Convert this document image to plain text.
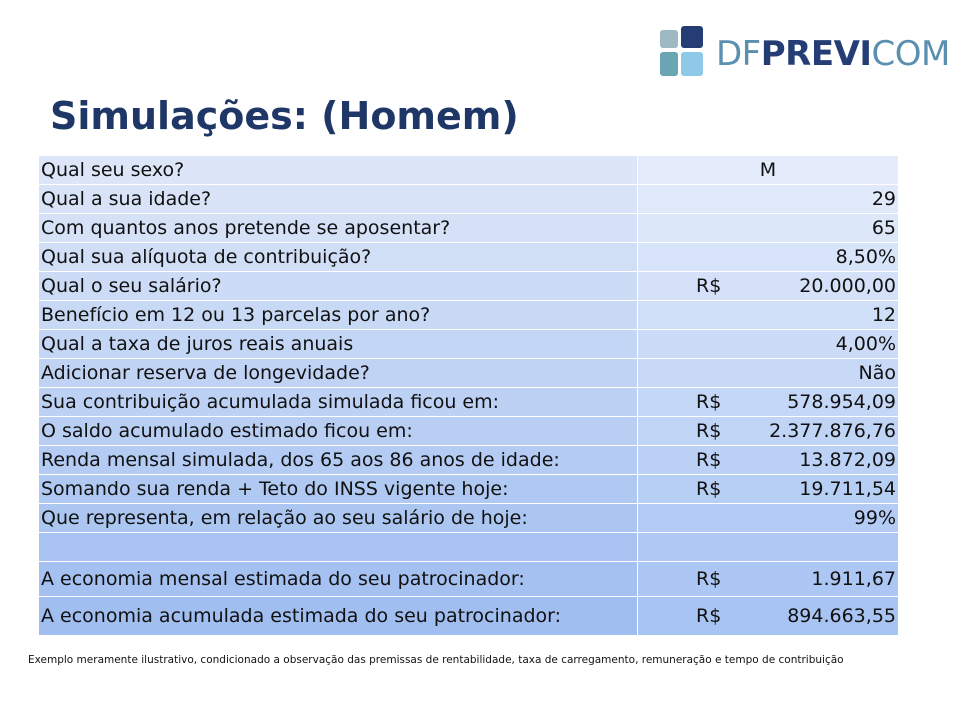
DFPREVICOM
Simulações: (Homem)
Qual seu sexo?	M

Qual a sua idade?	29

Com quantos anos pretende se aposentar?	65

Qual sua alíquota de contribuição?	8,50%

Qual o seu salário?	R$ 20.000,00

Benefício em 12 ou 13 parcelas por ano?	12

Qual a taxa de juros reais anuais	4,00%

Adicionar reserva de longevidade?	Não

Sua contribuição acumulada simulada ficou em:	R$ 578.954,09

O saldo acumulado estimado ficou em:	R$ 2.377.876,76

Renda mensal simulada, dos 65 aos 86 anos de idade:	R$ 13.872,09

Somando sua renda + Teto do INSS vigente hoje:	R$ 19.711,54

Que representa, em relação ao seu salário de hoje:	99%

A economia mensal estimada do seu patrocinador:	R$ 1.911,67

A economia acumulada estimada do seu patrocinador:	R$ 894.663,55
Exemplo meramente ilustrativo, condicionado a observação das premissas de rentabilidade, taxa de carregamento, remuneração e tempo de contribuição
